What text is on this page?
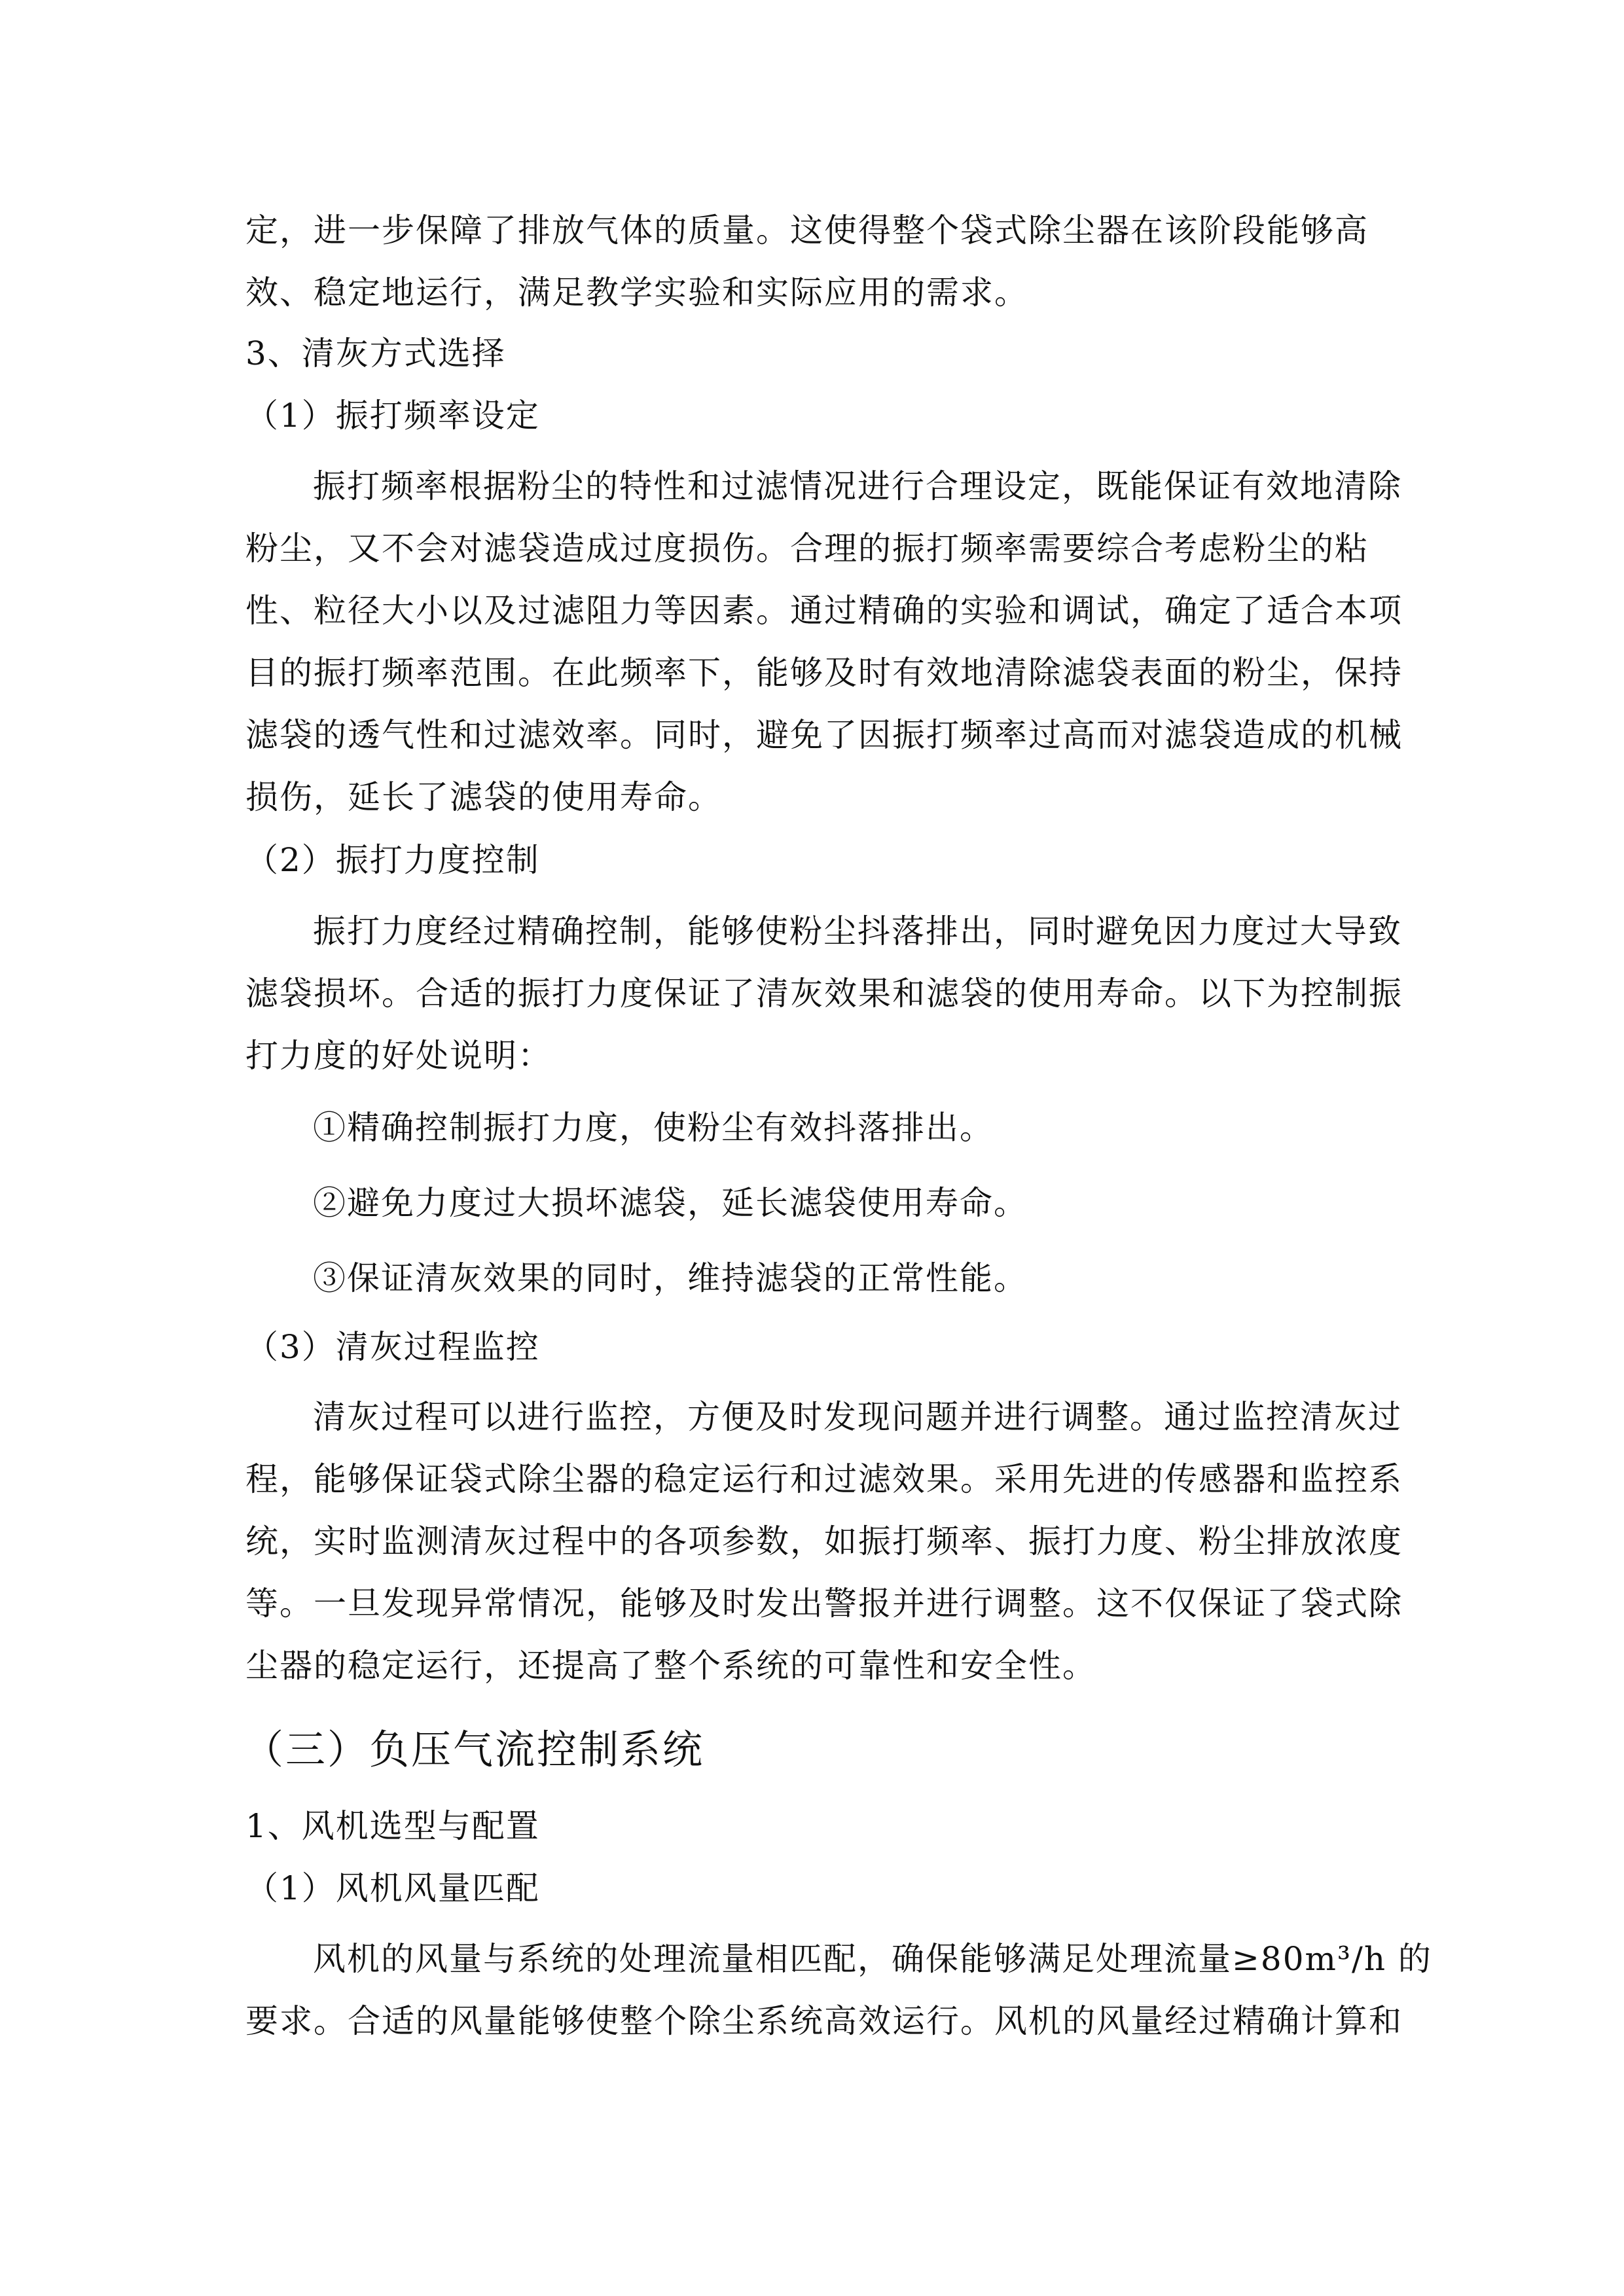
定，进一步保障了排放气体的质量。这使得整个袋式除尘器在该阶段能够高
效、稳定地运行，满足教学实验和实际应用的需求。
3、清灰方式选择
（1）振打频率设定
振打频率根据粉尘的特性和过滤情况进行合理设定，既能保证有效地清除
粉尘，又不会对滤袋造成过度损伤。合理的振打频率需要综合考虑粉尘的粘
性、粒径大小以及过滤阻力等因素。通过精确的实验和调试，确定了适合本项
目的振打频率范围。在此频率下，能够及时有效地清除滤袋表面的粉尘，保持
滤袋的透气性和过滤效率。同时，避免了因振打频率过高而对滤袋造成的机械
损伤，延长了滤袋的使用寿命。
（2）振打力度控制
振打力度经过精确控制，能够使粉尘抖落排出，同时避免因力度过大导致
滤袋损坏。合适的振打力度保证了清灰效果和滤袋的使用寿命。以下为控制振
打力度的好处说明：
①精确控制振打力度，使粉尘有效抖落排出。
②避免力度过大损坏滤袋，延长滤袋使用寿命。
③保证清灰效果的同时，维持滤袋的正常性能。
（3）清灰过程监控
清灰过程可以进行监控，方便及时发现问题并进行调整。通过监控清灰过
程，能够保证袋式除尘器的稳定运行和过滤效果。采用先进的传感器和监控系
统，实时监测清灰过程中的各项参数，如振打频率、振打力度、粉尘排放浓度
等。一旦发现异常情况，能够及时发出警报并进行调整。这不仅保证了袋式除
尘器的稳定运行，还提高了整个系统的可靠性和安全性。
（三）负压气流控制系统
1、风机选型与配置
（1）风机风量匹配
风机的风量与系统的处理流量相匹配，确保能够满足处理流量≥80m³/h 的
要求。合适的风量能够使整个除尘系统高效运行。风机的风量经过精确计算和
